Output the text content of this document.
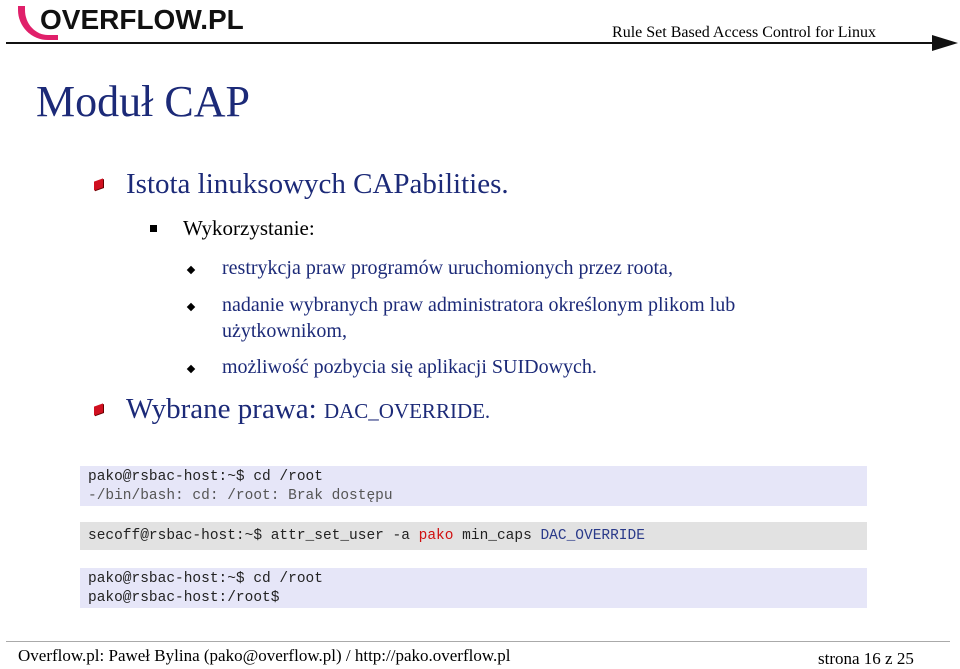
OVERFLOW.PL	Rule Set Based Access Control for Linux
Moduł CAP
Istota linuksowych CAPabilities.
Wykorzystanie:
restrykcja praw programów uruchomionych przez roota,
nadanie wybranych praw administratora określonym plikom lub
użytkownikom,
możliwość pozbycia się aplikacji SUIDowych.
Wybrane prawa: DAC_OVERRIDE.
pako@rsbac-host:~$ cd /root
-/bin/bash: cd: /root: Brak dostępu
secoff@rsbac-host:~$ attr_set_user -a pako min_caps DAC_OVERRIDE
pako@rsbac-host:~$ cd /root
pako@rsbac-host:/root$
Overflow.pl: Paweł Bylina (pako@overflow.pl) / http://pako.overflow.pl	strona 16 z 25
